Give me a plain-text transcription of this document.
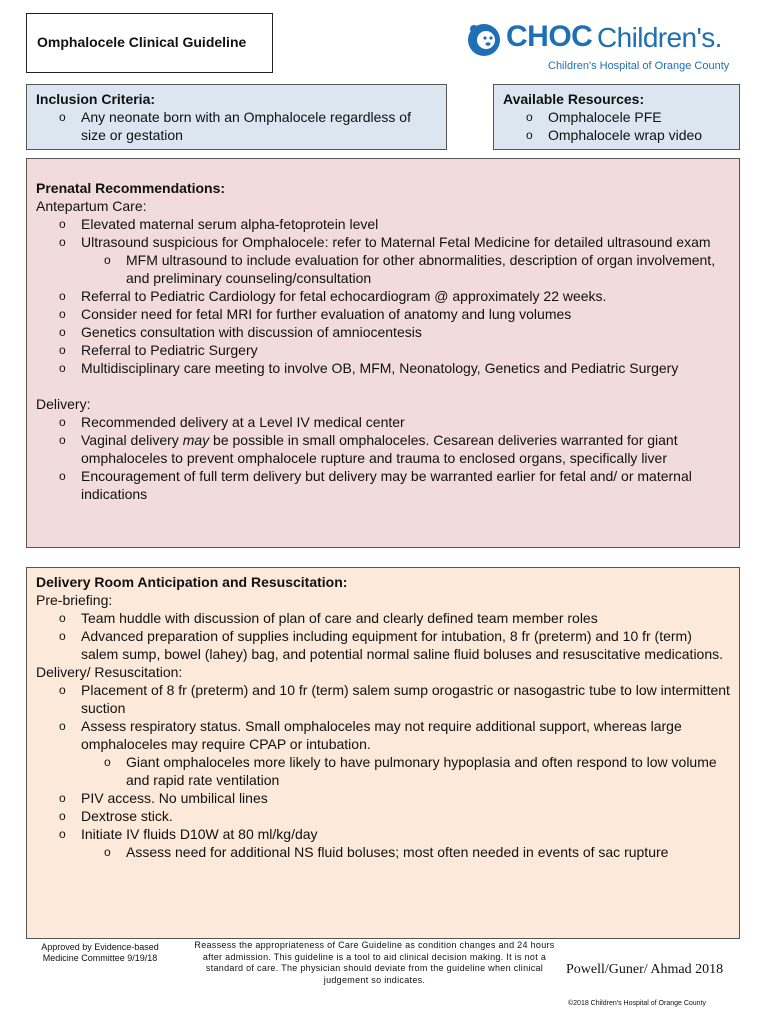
Omphalocele Clinical Guideline	CHOC Children's.
Children's Hospital of Orange County
Inclusion Criteria:
o Any neonate born with an Omphalocele regardless of size or gestation
Available Resources:
o Omphalocele PFE
o Omphalocele wrap video
Prenatal Recommendations:
Antepartum Care:
o Elevated maternal serum alpha-fetoprotein level
o Ultrasound suspicious for Omphalocele: refer to Maternal Fetal Medicine for detailed ultrasound exam
o MFM ultrasound to include evaluation for other abnormalities, description of organ involvement, and preliminary counseling/consultation
o Referral to Pediatric Cardiology for fetal echocardiogram @ approximately 22 weeks.
o Consider need for fetal MRI for further evaluation of anatomy and lung volumes
o Genetics consultation with discussion of amniocentesis
o Referral to Pediatric Surgery
o Multidisciplinary care meeting to involve OB, MFM, Neonatology, Genetics and Pediatric Surgery
Delivery:
o Recommended delivery at a Level IV medical center
o Vaginal delivery may be possible in small omphaloceles. Cesarean deliveries warranted for giant omphaloceles to prevent omphalocele rupture and trauma to enclosed organs, specifically liver
o Encouragement of full term delivery but delivery may be warranted earlier for fetal and/ or maternal indications
Delivery Room Anticipation and Resuscitation:
Pre-briefing:
o Team huddle with discussion of plan of care and clearly defined team member roles
o Advanced preparation of supplies including equipment for intubation, 8 fr (preterm) and 10 fr (term) salem sump, bowel (lahey) bag, and potential normal saline fluid boluses and resuscitative medications.
Delivery/ Resuscitation:
o Placement of 8 fr (preterm) and 10 fr (term) salem sump orogastric or nasogastric tube to low intermittent suction
o Assess respiratory status. Small omphaloceles may not require additional support, whereas large omphaloceles may require CPAP or intubation.
o Giant omphaloceles more likely to have pulmonary hypoplasia and often respond to low volume and rapid rate ventilation
o PIV access. No umbilical lines
o Dextrose stick.
o Initiate IV fluids D10W at 80 ml/kg/day
o Assess need for additional NS fluid boluses; most often needed in events of sac rupture
Approved by Evidence-based Medicine Committee 9/19/18
Reassess the appropriateness of Care Guideline as condition changes and 24 hours after admission. This guideline is a tool to aid clinical decision making. It is not a standard of care. The physician should deviate from the guideline when clinical judgement so indicates.
Powell/Guner/ Ahmad 2018
©2018 Children's Hospital of Orange County
